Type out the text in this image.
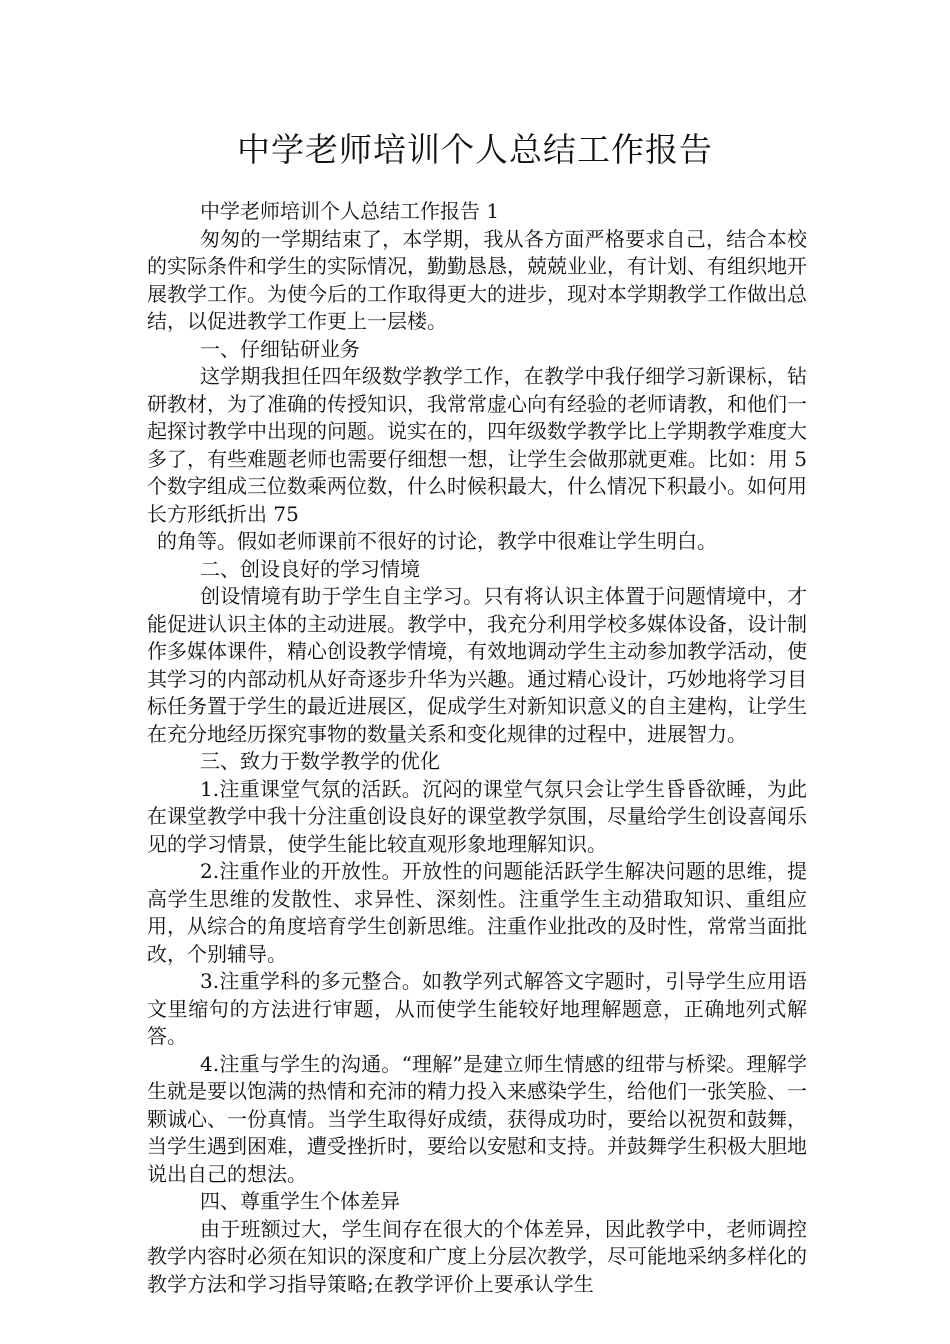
中学老师培训个人总结工作报告

中学老师培训个人总结工作报告 1

匆匆的一学期结束了，本学期，我从各方面严格要求自己，结合本校的实际条件和学生的实际情况，勤勤恳恳，兢兢业业，有计划、有组织地开展教学工作。为使今后的工作取得更大的进步，现对本学期教学工作做出总结，以促进教学工作更上一层楼。

一、仔细钻研业务

这学期我担任四年级数学教学工作，在教学中我仔细学习新课标，钻研教材，为了准确的传授知识，我常常虚心向有经验的老师请教，和他们一起探讨教学中出现的问题。说实在的，四年级数学教学比上学期教学难度大多了，有些难题老师也需要仔细想一想，让学生会做那就更难。比如：用 5 个数字组成三位数乘两位数，什么时候积最大，什么情况下积最小。如何用长方形纸折出 75

的角等。假如老师课前不很好的讨论，教学中很难让学生明白。

二、创设良好的学习情境

创设情境有助于学生自主学习。只有将认识主体置于问题情境中，才能促进认识主体的主动进展。教学中，我充分利用学校多媒体设备，设计制作多媒体课件，精心创设教学情境，有效地调动学生主动参加教学活动，使其学习的内部动机从好奇逐步升华为兴趣。通过精心设计，巧妙地将学习目标任务置于学生的最近进展区，促成学生对新知识意义的自主建构，让学生在充分地经历探究事物的数量关系和变化规律的过程中，进展智力。

三、致力于数学教学的优化

1.注重课堂气氛的活跃。沉闷的课堂气氛只会让学生昏昏欲睡，为此在课堂教学中我十分注重创设良好的课堂教学氛围，尽量给学生创设喜闻乐见的学习情景，使学生能比较直观形象地理解知识。

2.注重作业的开放性。开放性的问题能活跃学生解决问题的思维，提高学生思维的发散性、求异性、深刻性。注重学生主动猎取知识、重组应用，从综合的角度培育学生创新思维。注重作业批改的及时性，常常当面批改，个别辅导。

3.注重学科的多元整合。如教学列式解答文字题时，引导学生应用语文里缩句的方法进行审题，从而使学生能较好地理解题意，正确地列式解答。

4.注重与学生的沟通。“理解”是建立师生情感的纽带与桥梁。理解学生就是要以饱满的热情和充沛的精力投入来感染学生，给他们一张笑脸、一颗诚心、一份真情。当学生取得好成绩，获得成功时，要给以祝贺和鼓舞，当学生遇到困难，遭受挫折时，要给以安慰和支持。并鼓舞学生积极大胆地说出自己的想法。

四、尊重学生个体差异

由于班额过大，学生间存在很大的个体差异，因此教学中，老师调控教学内容时必须在知识的深度和广度上分层次教学，尽可能地采纳多样化的教学方法和学习指导策略;在教学评价上要承认学生
